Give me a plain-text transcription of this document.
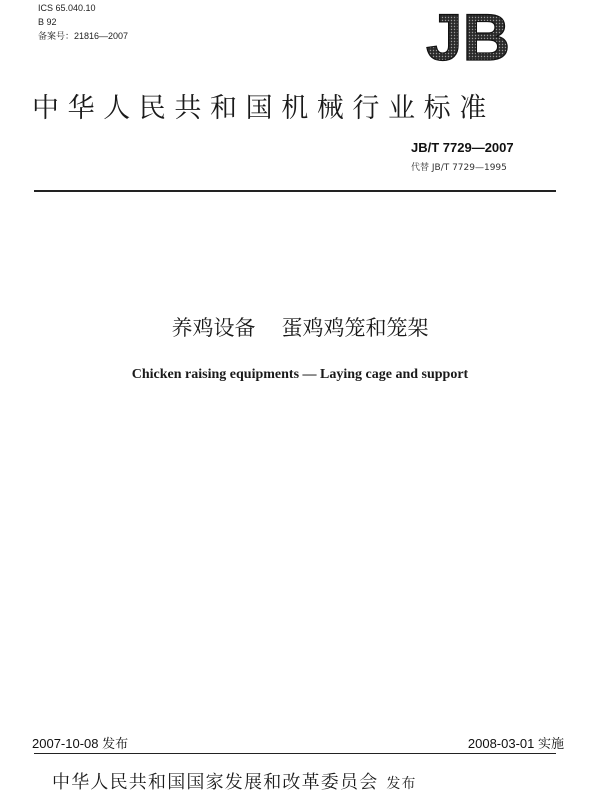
ICS 65.040.10
B 92
备案号：21816—2007	JB
中华人民共和国机械行业标准
JB/T 7729—2007
代替 JB/T 7729—1995
养鸡设备 蛋鸡鸡笼和笼架
Chicken raising equipments — Laying cage and support
2007-10-08 发布	2008-03-01 实施
中华人民共和国国家发展和改革委员会 发布
